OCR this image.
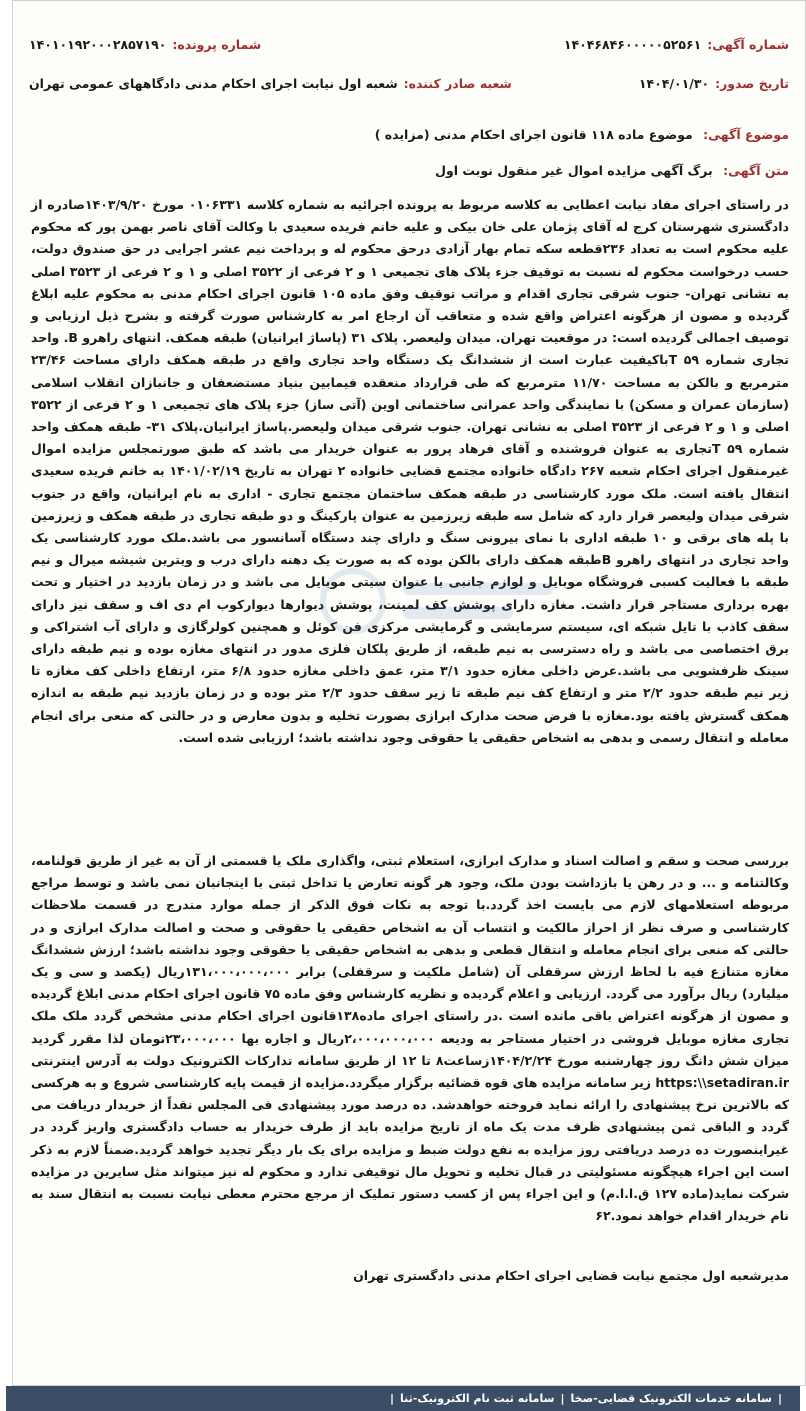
شماره آگهی:
۱۴۰۴۶۸۴۶۰۰۰۰۰۵۲۵۶۱
شماره پرونده:
۱۴۰۱۰۱۹۲۰۰۰۲۸۵۷۱۹۰
تاریخ صدور:
۱۴۰۴/۰۱/۳۰
شعبه صادر کننده:
شعبه اول نیابت اجرای احکام مدنی دادگاههای عمومی تهران
موضوع آگهی: موضوع ماده ۱۱۸ قانون اجرای احکام مدنی (مزایده )
متن آگهی: برگ آگهی مزایده اموال غیر منقول نوبت اول

در راستای اجرای مفاد نیابت اعطایی به کلاسه مربوط به پرونده اجرائیه به شماره کلاسه ۰۱۰۶۳۳۱ مورخ ۱۴۰۳/۹/۲۰صادره از دادگستری شهرستان کرج له آقای پژمان علی خان بیکی و علیه خانم فریده سعیدی با وکالت آقای ناصر بهمن پور که محکوم علیه محکوم است به تعداد ۲۳۶قطعه سکه تمام بهار آزادی درحق محکوم له و پرداخت نیم عشر اجرایی در حق صندوق دولت، حسب درخواست محکوم له نسبت به توقیف جزء پلاک های تجمیعی ۱ و ۲ فرعی از ۳۵۲۲ اصلی و ۱ و ۲ فرعی از ۳۵۲۳ اصلی به نشانی تهران- جنوب شرقی تجاری اقدام و مراتب توقیف وفق ماده ۱۰۵ قانون اجرای احکام مدنی به محکوم علیه ابلاغ گردیده و مصون از هرگونه اعتراض واقع شده و متعاقب آن ارجاع امر به کارشناس صورت گرفته و بشرح ذیل ارزیابی و توصیف اجمالی گردیده است: در موقعیت تهران. میدان ولیعصر. پلاک ۳۱ (پاساژ ایرانیان) طبقه همکف. انتهای راهرو B. واحد تجاری شماره ۵۹ Tباکیفیت عبارت است از ششدانگ یک دستگاه واحد تجاری واقع در طبقه همکف دارای مساحت ۲۳/۴۶ مترمربع و بالکن به مساحت ۱۱/۷۰ مترمربع که طی قرارداد منعقده فیمابین بنیاد مستضعفان و جانبازان انقلاب اسلامی (سازمان عمران و مسکن) با نمایندگی واحد عمرانی ساختمانی اوین (آتی ساز) جزء پلاک های تجمیعی ۱ و ۲ فرعی از ۳۵۲۲ اصلی و ۱ و ۲ فرعی از ۳۵۲۳ اصلی به نشانی تهران. جنوب شرقی میدان ولیعصر.پاساژ ایرانیان.پلاک ۳۱- طبقه همکف واحد شماره ۵۹ Tتجاری به عنوان فروشنده و آقای فرهاد پرور به عنوان خریدار می باشد که طبق صورتمجلس مزایده اموال غیرمنقول اجرای احکام شعبه ۲۶۷ دادگاه خانواده مجتمع قضایی خانواده ۲ تهران به تاریخ ۱۴۰۱/۰۲/۱۹ به خانم فریده سعیدی انتقال یافته است. ملک مورد کارشناسی در طبقه همکف ساختمان مجتمع تجاری - اداری به نام ایرانیان، واقع در جنوب شرقی میدان ولیعصر قرار دارد که شامل سه طبقه زیرزمین به عنوان پارکینگ و دو طبقه تجاری در طبقه همکف و زیرزمین با پله های برقی و ۱۰ طبقه اداری با نمای بیرونی سنگ و دارای چند دستگاه آسانسور می باشد.ملک مورد کارشناسی یک واحد تجاری در انتهای راهرو Bطبقه همکف دارای بالکن بوده که به صورت یک دهنه دارای درب و ویترین شیشه میرال و نیم طبقه با فعالیت کسبی فروشگاه موبایل و لوازم جانبی با عنوان سیتی موبایل می باشد و در زمان بازدید در اختیار و تحت بهره برداری مستاجر قرار داشت. مغازه دارای پوشش کف لمینت، پوشش دیوارها دیوارکوب ام دی اف و سقف نیز دارای سقف کاذب با تایل شبکه ای، سیستم سرمایشی و گرمایشی مرکزی فن کوئل و همچنین کولرگازی و دارای آب اشتراکی و برق اختصاصی می باشد و راه دسترسی به نیم طبقه، از طریق پلکان فلزی مدور در انتهای مغازه بوده و نیم طبقه دارای سینک ظرفشویی می باشد.عرض داخلی مغازه حدود ۳/۱ متر، عمق داخلی مغازه حدود ۶/۸ متر، ارتفاع داخلی کف مغازه تا زیر نیم طبقه حدود ۲/۲ متر و ارتفاع کف نیم طبقه تا زیر سقف حدود ۲/۳ متر بوده و در زمان بازدید نیم طبقه به اندازه همکف گسترش یافته بود.مغازه با فرض صحت مدارک ابرازی بصورت تخلیه و بدون معارض و در حالتی که منعی برای انجام معامله و انتقال رسمی و بدهی به اشخاص حقیقی یا حقوقی وجود نداشته باشد؛ ارزیابی شده است.

بررسی صحت و سقم و اصالت اسناد و مدارک ابرازی، استعلام ثبتی، واگذاری ملک یا قسمتی از آن به غیر از طریق قولنامه، وکالتنامه و ... و در رهن یا بازداشت بودن ملک، وجود هر گونه تعارض یا تداخل ثبتی با اینجانبان نمی باشد و توسط مراجع مربوطه استعلامهای لازم می بایست اخذ گردد.با توجه به نکات فوق الذکر از جمله موارد مندرج در قسمت ملاحظات کارشناسی و صرف نظر از احراز مالکیت و انتساب آن به اشخاص حقیقی یا حقوقی و صحت و اصالت مدارک ابرازی و در حالتی که منعی برای انجام معامله و انتقال قطعی و بدهی به اشخاص حقیقی یا حقوقی وجود نداشته باشد؛ ارزش ششدانگ مغازه متنازع فیه با لحاظ ارزش سرقفلی آن (شامل ملکیت و سرقفلی) برابر ۱۳۱،۰۰۰،۰۰۰،۰۰۰ریال (یکصد و سی و یک میلیارد) ریال برآورد می گردد. ارزیابی و اعلام گردیده و نظریه کارشناس وفق ماده ۷۵ قانون اجرای احکام مدنی ابلاغ گردیده و مصون از هرگونه اعتراض باقی مانده است .در راستای اجرای ماده۱۳۸قانون اجرای احکام مدنی مشخص گردد ملک ملک تجاری مغازه موبایل فروشی در اختیار مستاجر به ودیعه ۲،۰۰۰،۰۰۰،۰۰۰ریال و اجاره بها ۲۳،۰۰۰،۰۰۰تومان لذا مقرر گردید میزان شش دانگ روز چهارشنبه مورخ ۱۴۰۴/۲/۲۴زساعت۸ تا ۱۲ از طریق سامانه تدارکات الکترونیک دولت به آدرس اینترنتی https:\\setadiran.ir زیر سامانه مزایده های قوه قضائیه برگزار میگردد.مزایده از قیمت پایه کارشناسی شروع و به هرکسی که بالاترین نرخ پیشنهادی را ارائه نماید فروخته خواهدشد. ده درصد مورد پیشنهادی فی المجلس نقداً از خریدار دریافت می گردد و الباقی ثمن پیشنهادی ظرف مدت یک ماه از تاریخ مزایده باید از طرف خریدار به حساب دادگستری واریز گردد در غیراینصورت ده درصد دریافتی روز مزایده به نفع دولت ضبط و مزایده برای یک بار دیگر تجدید خواهد گردید.ضمناً لازم به ذکر است این اجراء هیچگونه مسئولیتی در قبال تخلیه و تحویل مال توقیفی ندارد و محکوم له نیز میتواند مثل سایرین در مزایده شرکت نماید(ماده ۱۲۷ ق.ا.ا.م) و این اجراء پس از کسب دستور تملیک از مرجع محترم معطی نیابت نسبت به انتقال سند به نام خریدار اقدام خواهد نمود.۶۲

مدیرشعبه اول مجتمع نیابت قضایی اجرای احکام مدنی دادگستری تهران
|
سامانه خدمات الکترونیک قضایی-صخا
|
سامانه ثبت نام الکترونیک-ثنا
|
